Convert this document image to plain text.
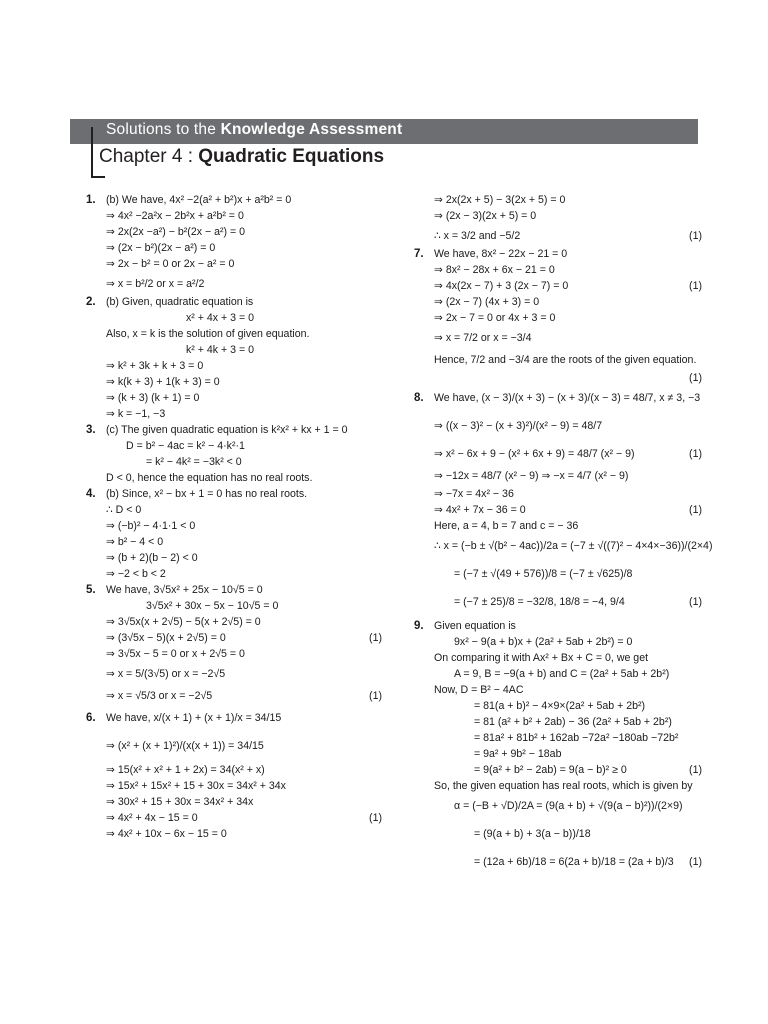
Solutions to the Knowledge Assessment
Chapter 4 : Quadratic Equations
1. (b) We have, 4x² −2(a² + b²)x + a²b² = 0
⇒ 4x² −2a²x − 2b²x + a²b² = 0
⇒ 2x(2x −a²) − b²(2x − a²) = 0
⇒ (2x − b²)(2x − a²) = 0
⇒ 2x − b² = 0 or 2x − a² = 0
⇒ x = b²/2 or x = a²/2
2. (b) Given, quadratic equation is
x² + 4x + 3 = 0
Also, x = k is the solution of given equation.
k² + 4k + 3 = 0
⇒ k² + 3k + k + 3 = 0
⇒ k(k + 3) + 1(k + 3) = 0
⇒ (k + 3) (k + 1) = 0
⇒ k = −1, −3
3. (c) The given quadratic equation is k²x² + kx + 1 = 0
D = b² − 4ac = k² − 4·k²·1
= k² − 4k² = −3k² < 0
D < 0, hence the equation has no real roots.
4. (b) Since, x² − bx + 1 = 0 has no real roots.
∴ D < 0
⇒ (−b)² − 4·1·1 < 0
⇒ b² − 4 < 0
⇒ (b + 2)(b − 2) < 0
⇒ −2 < b < 2
5. We have, 3√5x² + 25x − 10√5 = 0
3√5x² + 30x − 5x − 10√5 = 0
⇒ 3√5x(x + 2√5) − 5(x + 2√5) = 0
⇒ (3√5x − 5)(x + 2√5) = 0	(1)
⇒ 3√5x − 5 = 0 or x + 2√5 = 0
⇒ x = 5/(3√5) or x = −2√5
⇒ x = √5/3 or x = −2√5	(1)
6. We have, x/(x + 1) + (x + 1)/x = 34/15
⇒ (x² + (x + 1)²)/(x(x + 1)) = 34/15
⇒ 15(x² + x² + 1 + 2x) = 34(x² + x)
⇒ 15x² + 15x² + 15 + 30x = 34x² + 34x
⇒ 30x² + 15 + 30x = 34x² + 34x
⇒ 4x² + 4x − 15 = 0	(1)
⇒ 4x² + 10x − 6x − 15 = 0
⇒ 2x(2x + 5) − 3(2x + 5) = 0
⇒ (2x − 3)(2x + 5) = 0
∴ x = 3/2 and −5/2	(1)
7. We have, 8x² − 22x − 21 = 0
⇒ 8x² − 28x + 6x − 21 = 0
⇒ 4x(2x − 7) + 3 (2x − 7) = 0	(1)
⇒ (2x − 7) (4x + 3) = 0
⇒ 2x − 7 = 0 or 4x + 3 = 0
⇒ x = 7/2 or x = −3/4
Hence, 7/2 and −3/4 are the roots of the given equation.
(1)
8. We have, (x − 3)/(x + 3) − (x + 3)/(x − 3) = 48/7, x ≠ 3, −3
⇒ ((x − 3)² − (x + 3)²)/(x² − 9) = 48/7
⇒ x² − 6x + 9 − (x² + 6x + 9) = 48/7 (x² − 9)	(1)
⇒ −12x = 48/7 (x² − 9) ⇒ −x = 4/7 (x² − 9)
⇒ −7x = 4x² − 36
⇒ 4x² + 7x − 36 = 0	(1)
Here, a = 4, b = 7 and c = − 36
∴ x = (−b ± √(b² − 4ac))/2a = (−7 ± √((7)² − 4×4×−36))/(2×4)
= (−7 ± √(49 + 576))/8 = (−7 ± √625)/8
= (−7 ± 25)/8 = −32/8, 18/8 = −4, 9/4	(1)
9. Given equation is
9x² − 9(a + b)x + (2a² + 5ab + 2b²) = 0
On comparing it with Ax² + Bx + C = 0, we get
A = 9, B = −9(a + b) and C = (2a² + 5ab + 2b²)
Now, D = B² − 4AC
= 81(a + b)² − 4×9×(2a² + 5ab + 2b²)
= 81 (a² + b² + 2ab) − 36 (2a² + 5ab + 2b²)
= 81a² + 81b² + 162ab −72a² −180ab −72b²
= 9a² + 9b² − 18ab
= 9(a² + b² − 2ab) = 9(a − b)² ≥ 0	(1)
So, the given equation has real roots, which is given by
α = (−B + √D)/2A = (9(a + b) + √(9(a − b)²))/(2×9)
= (9(a + b) + 3(a − b))/18
= (12a + 6b)/18 = 6(2a + b)/18 = (2a + b)/3 (1)
